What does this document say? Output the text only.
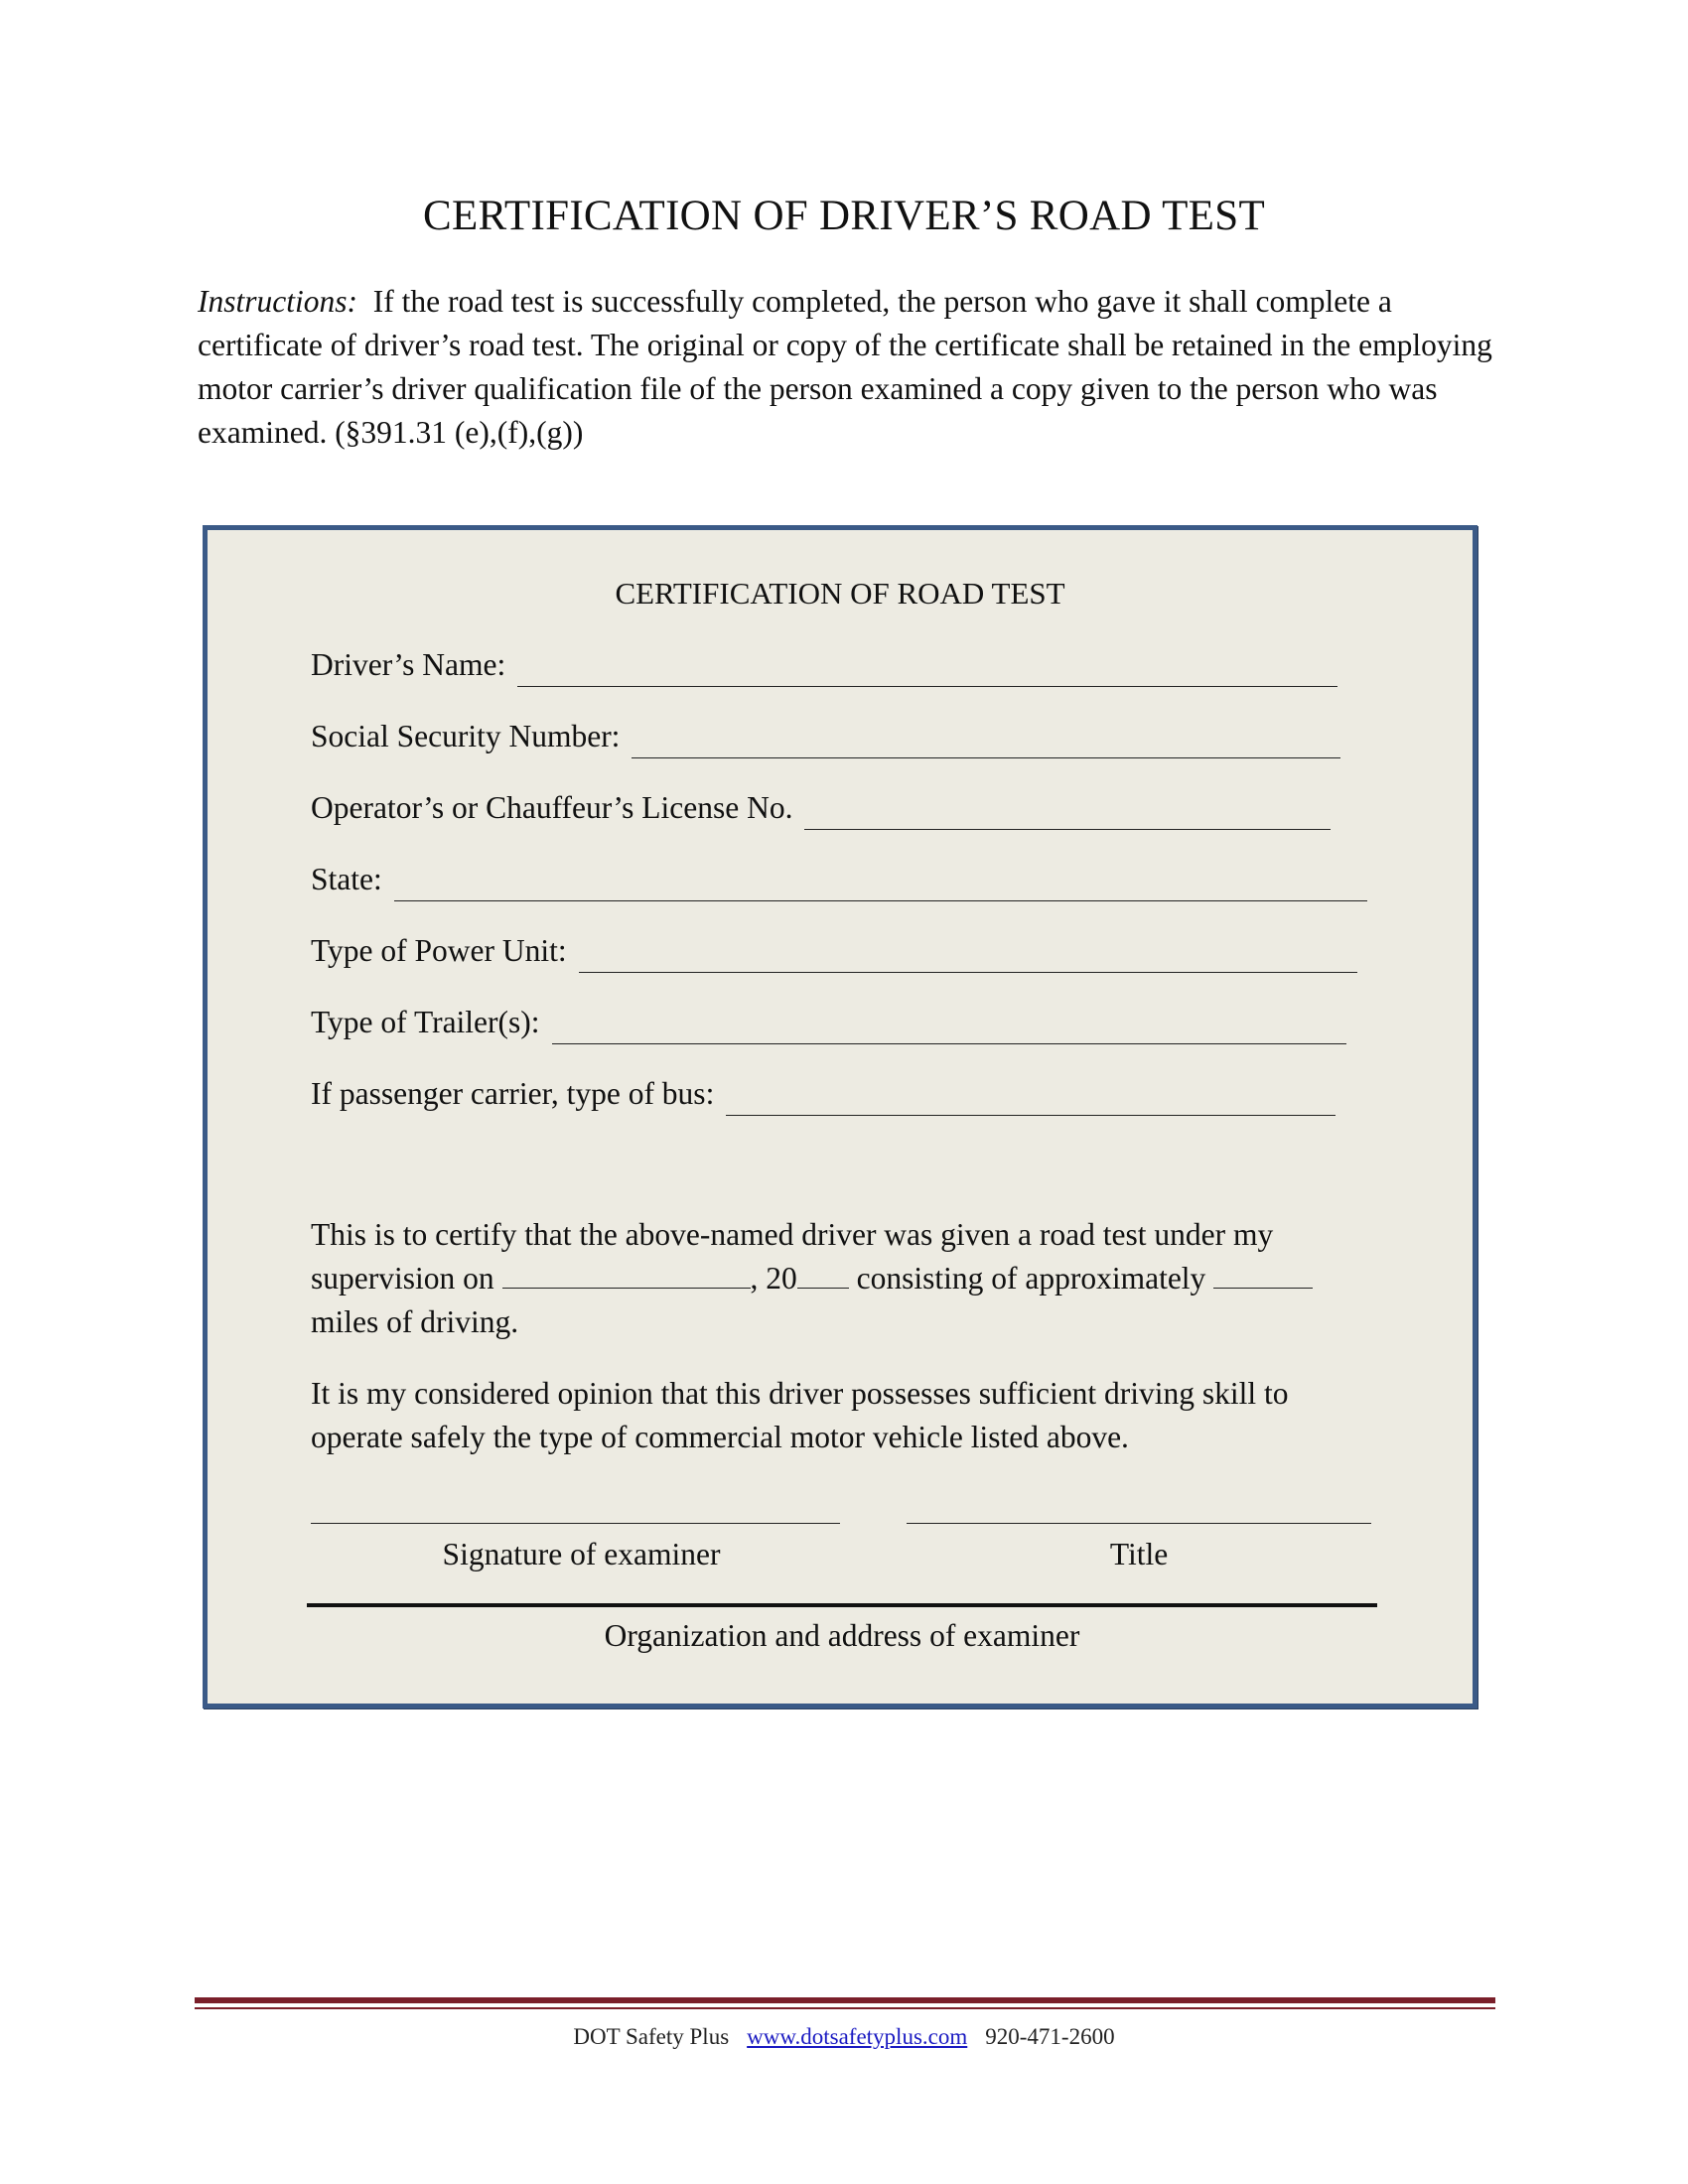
CERTIFICATION OF DRIVER’S ROAD TEST

Instructions: If the road test is successfully completed, the person who gave it shall complete a certificate of driver’s road test. The original or copy of the certificate shall be retained in the employing motor carrier’s driver qualification file of the person examined a copy given to the person who was examined. (§391.31 (e),(f),(g))

CERTIFICATION OF ROAD TEST
Driver’s Name:
Social Security Number:
Operator’s or Chauffeur’s License No.
State:
Type of Power Unit:
Type of Trailer(s):
If passenger carrier, type of bus:

This is to certify that the above-named driver was given a road test under my supervision on	, 20 consisting of approximately  miles of driving.

It is my considered opinion that this driver possesses sufficient driving skill to operate safely the type of commercial motor vehicle listed above.

Signature of examiner	Title
Organization and address of examiner
DOT Safety Plus www.dotsafetyplus.com 920-471-2600
